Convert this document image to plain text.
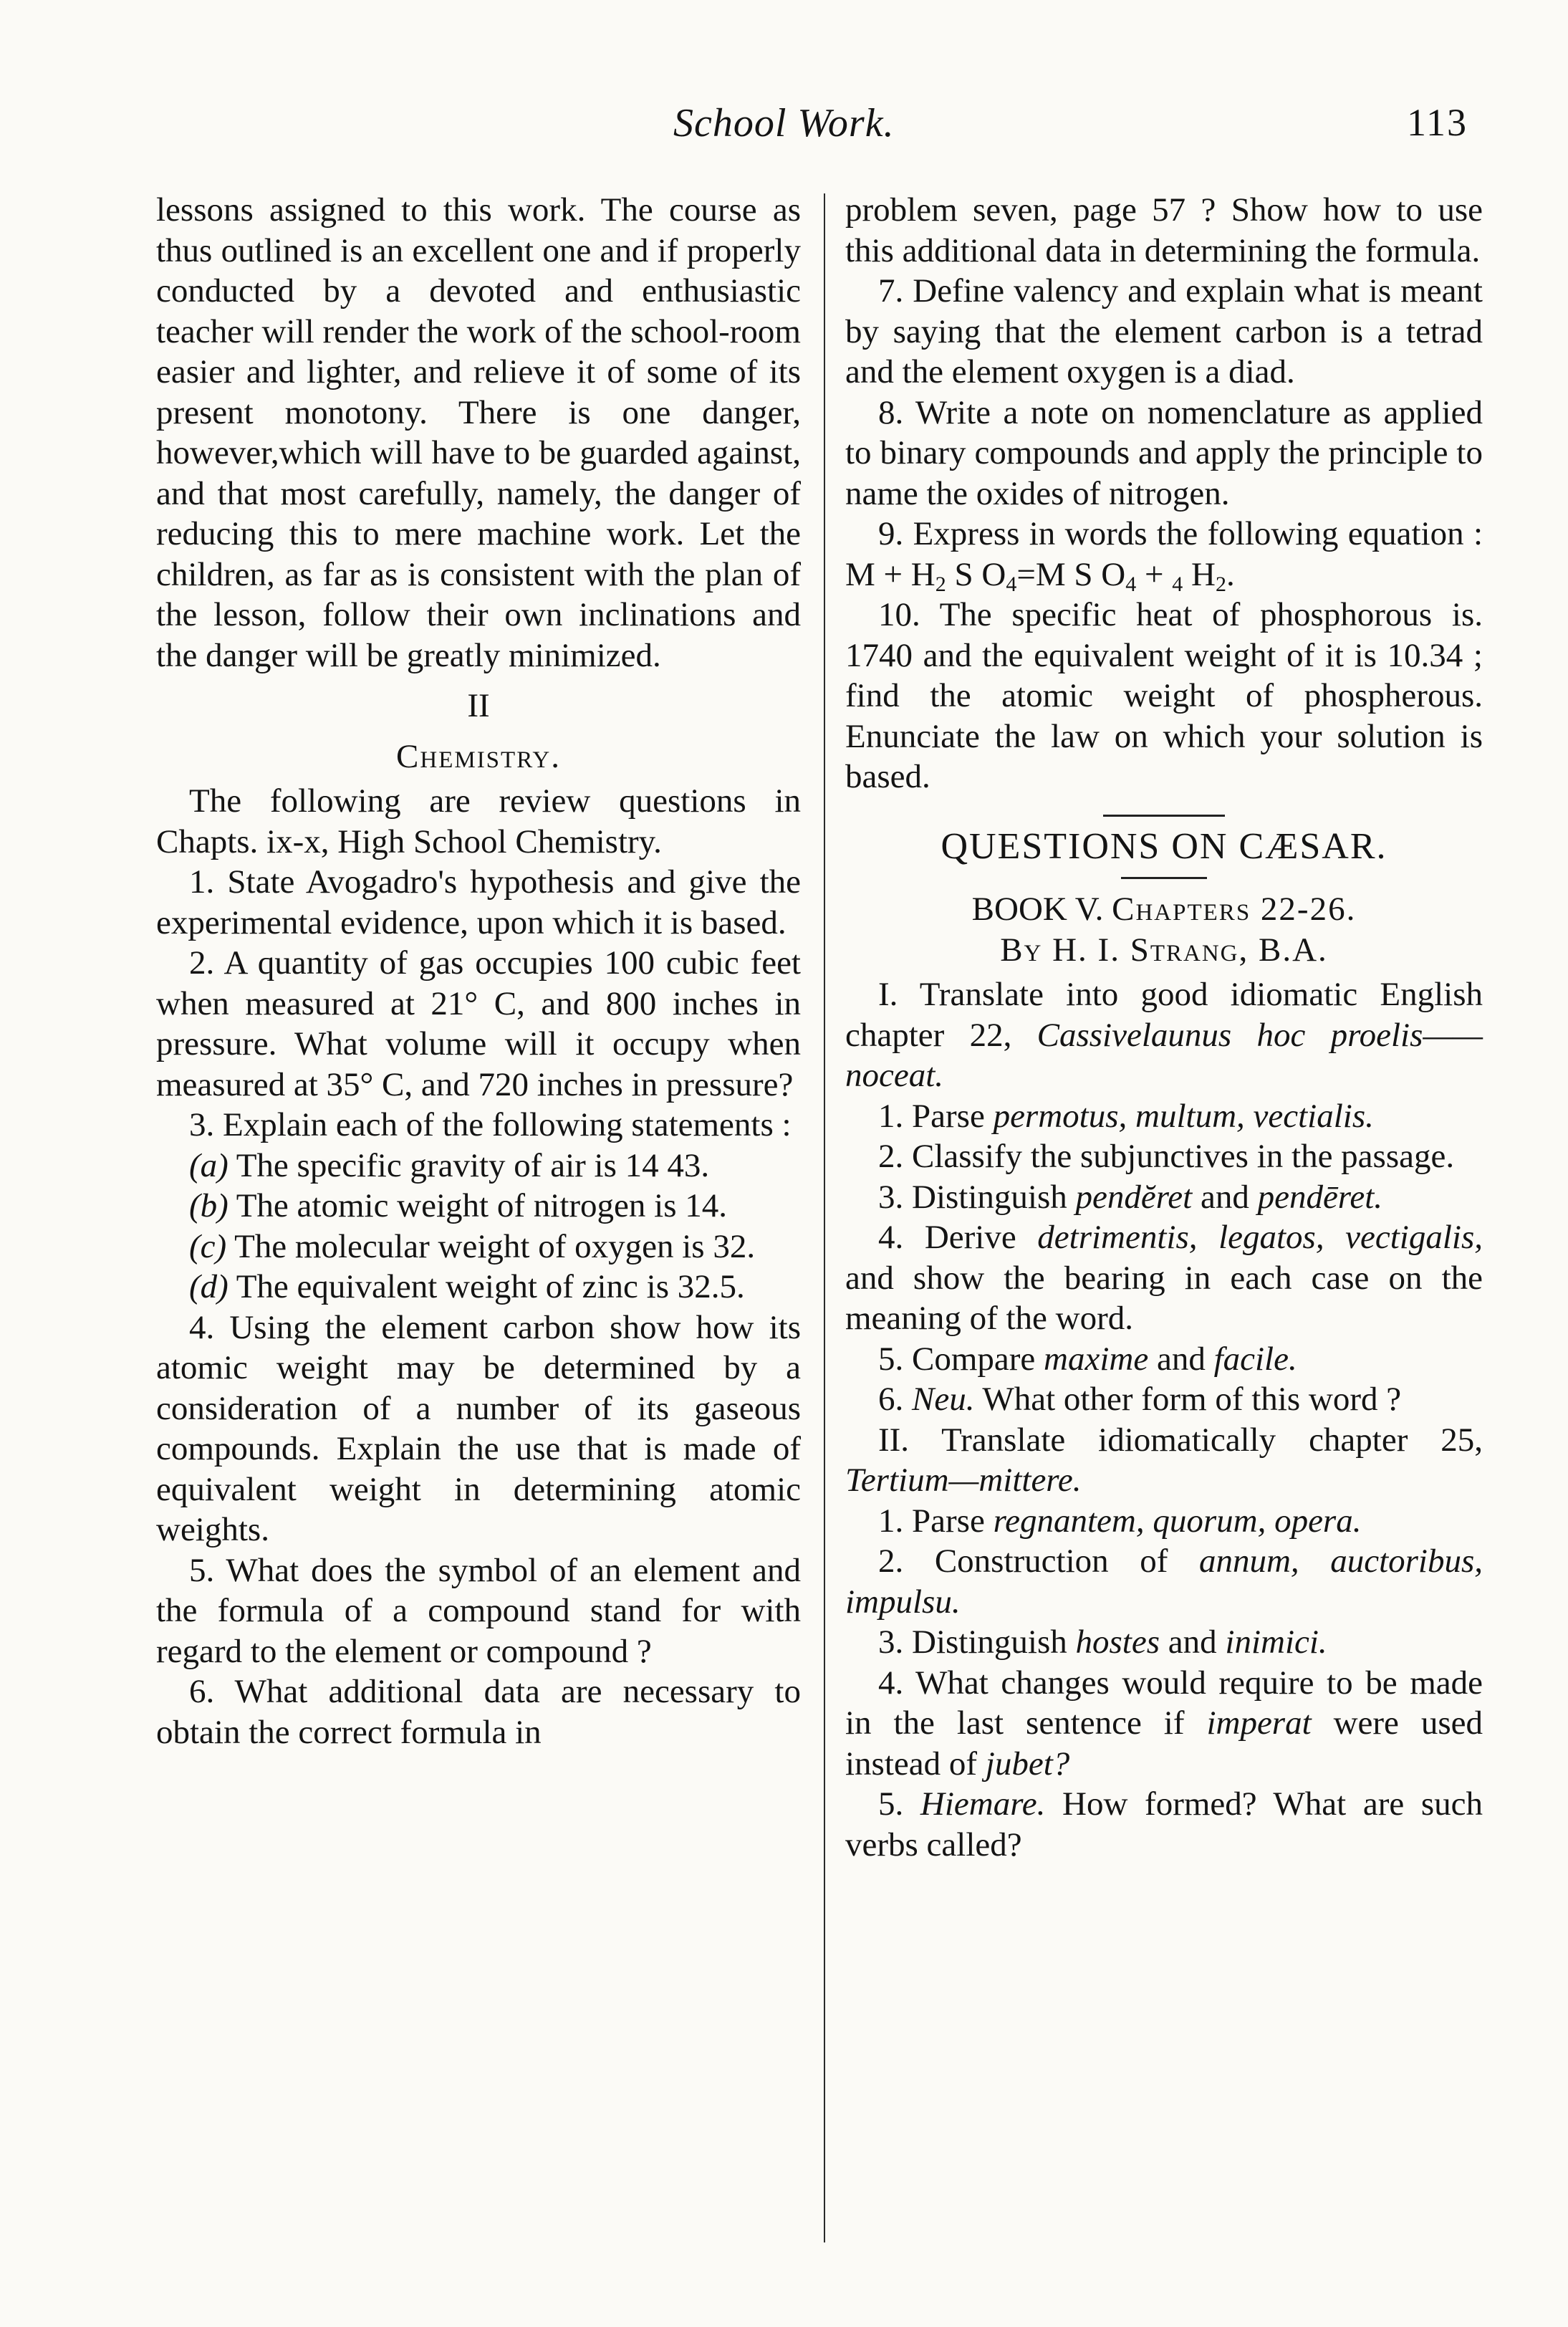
School Work.	113

lessons assigned to this work. The course as thus outlined is an excellent one and if properly conducted by a devoted and enthusiastic teacher will render the work of the school-room easier and lighter, and relieve it of some of its present monotony. There is one danger, however,which will have to be guarded against, and that most carefully, namely, the danger of reducing this to mere machine work. Let the children, as far as is consistent with the plan of the lesson, follow their own inclinations and the danger will be greatly minimized.

II

Chemistry.

The following are review questions in Chapts. ix-x, High School Chemistry.

1. State Avogadro's hypothesis and give the experimental evidence, upon which it is based.

2. A quantity of gas occupies 100 cubic feet when measured at 21° C, and 800 inches in pressure. What volume will it occupy when measured at 35° C, and 720 inches in pressure?

3. Explain each of the following statements :

(a) The specific gravity of air is 14 43.

(b) The atomic weight of nitrogen is 14.

(c) The molecular weight of oxygen is 32.

(d) The equivalent weight of zinc is 32.5.

4. Using the element carbon show how its atomic weight may be determined by a consideration of a number of its gaseous compounds. Explain the use that is made of equivalent weight in determining atomic weights.

5. What does the symbol of an element and the formula of a compound stand for with regard to the element or compound ?

6. What additional data are necessary to obtain the correct formula in

problem seven, page 57 ? Show how to use this additional data in determining the formula.

7. Define valency and explain what is meant by saying that the element carbon is a tetrad and the element oxygen is a diad.

8. Write a note on nomenclature as applied to binary compounds and apply the principle to name the oxides of nitrogen.

9. Express in words the following equation : $M + H_2$ S $O_4=M$ S $O_4 + _4$ $H_2$.

10. The specific heat of phosphorous is. 1740 and the equivalent weight of it is 10.34 ; find the atomic weight of phospherous. Enunciate the law on which your solution is based.

QUESTIONS ON CÆSAR.

BOOK V. Chapters 22-26.

By H. I. Strang, B.A.

I. Translate into good idiomatic English chapter 22, Cassivelaunus hoc proelis——noceat.

1. Parse permotus, multum, vectialis.

2. Classify the subjunctives in the passage.

3. Distinguish pendĕret and pendēret.

4. Derive detrimentis, legatos, vectigalis, and show the bearing in each case on the meaning of the word.

5. Compare maxime and facile.

6. Neu. What other form of this word ?

II. Translate idiomatically chapter 25, Tertium—mittere.

1. Parse regnantem, quorum, opera.

2. Construction of annum, auctoribus, impulsu.

3. Distinguish hostes and inimici.

4. What changes would require to be made in the last sentence if imperat were used instead of jubet?

5. Hiemare. How formed? What are such verbs called?
